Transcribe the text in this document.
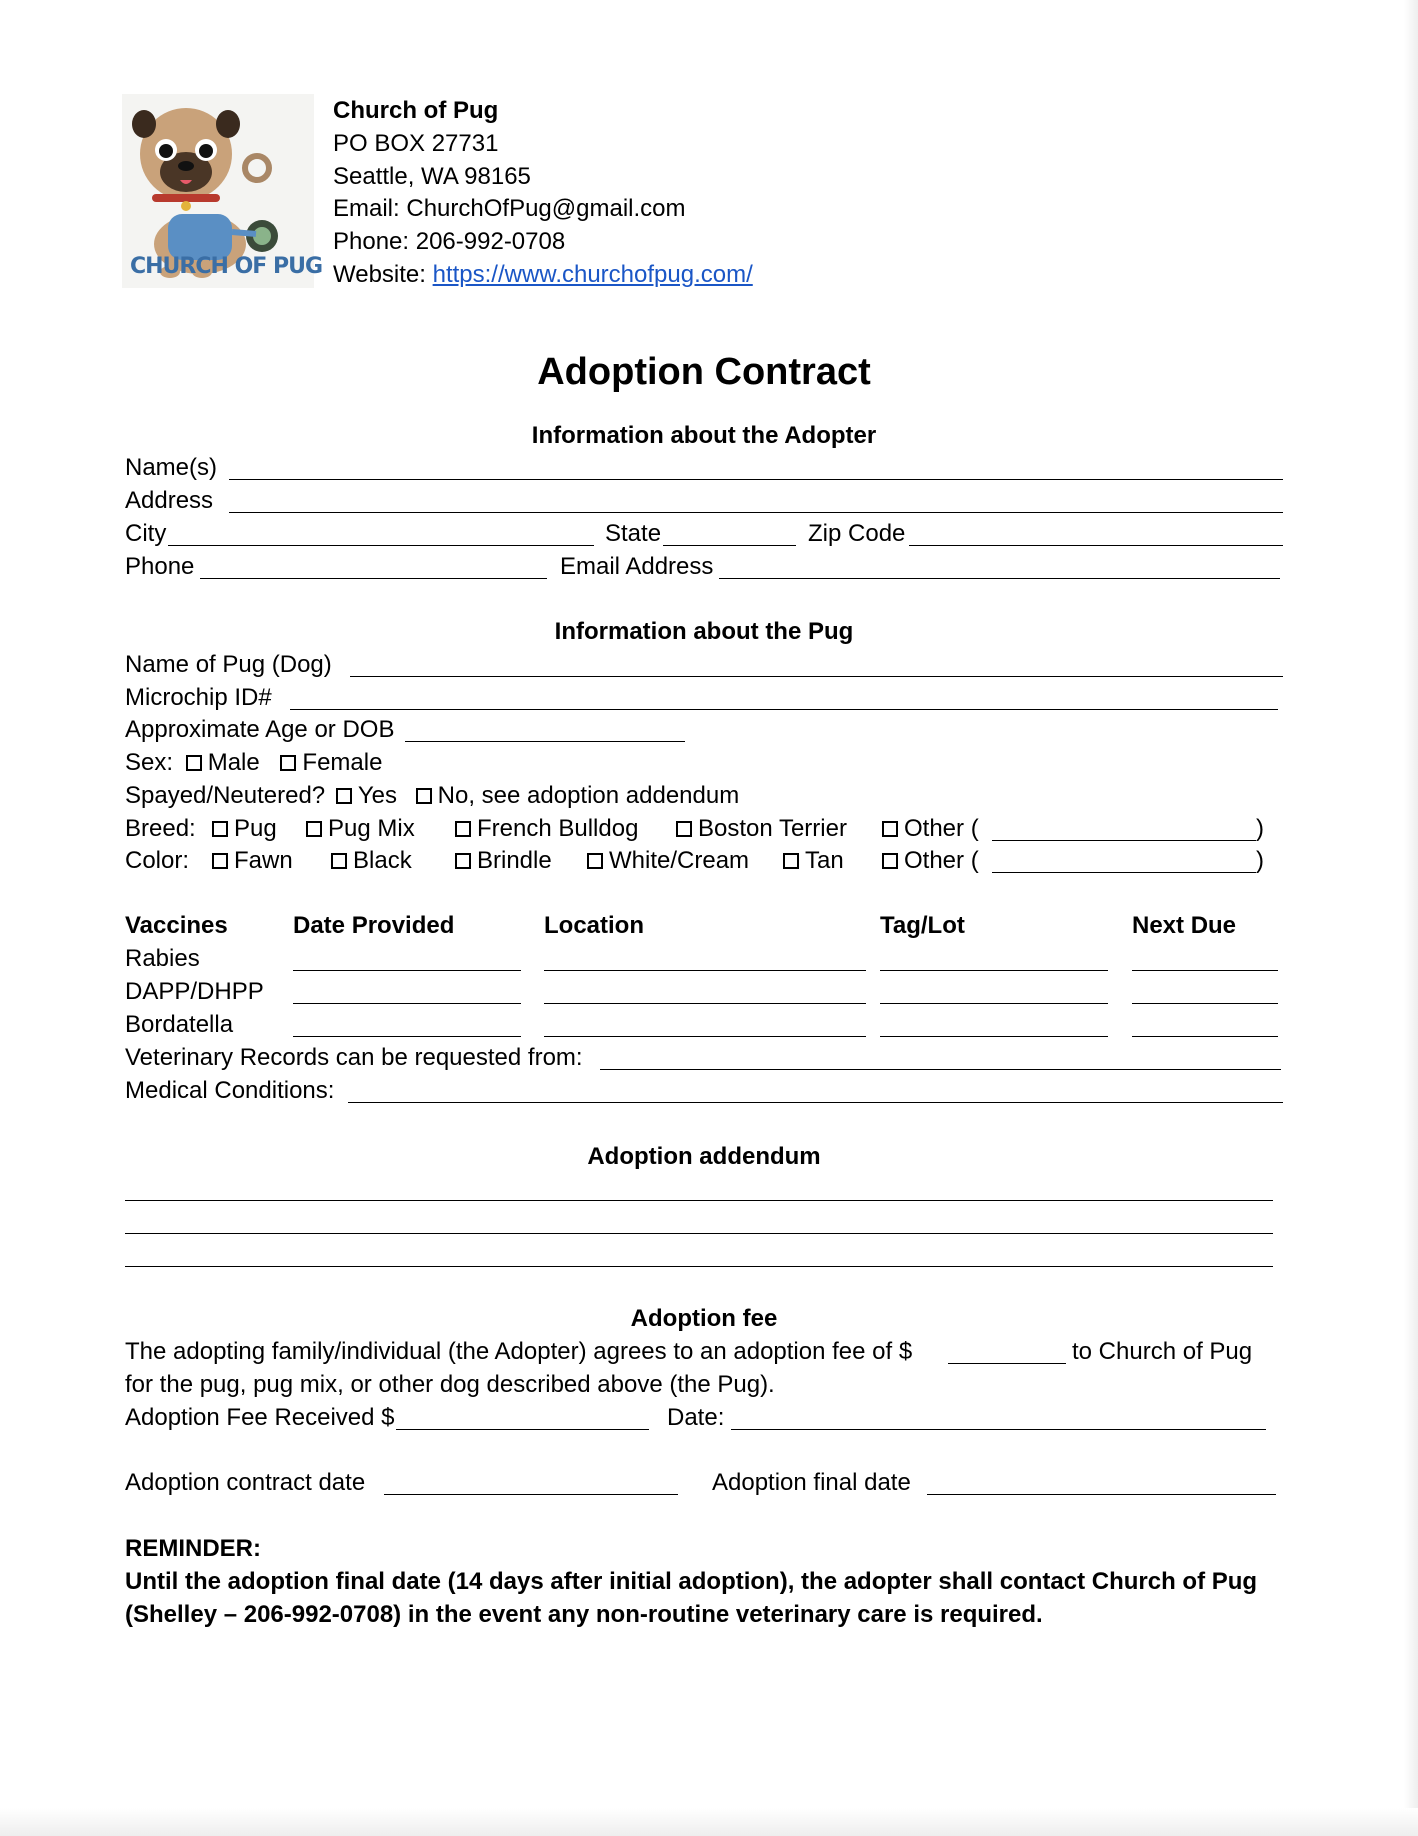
CHURCH OF PUG
Church of Pug
PO BOX 27731
Seattle, WA 98165
Email: ChurchOfPug@gmail.com
Phone: 206-992-0708
Website: https://www.churchofpug.com/
Adoption Contract
Information about the Adopter
Name(s)
Address
City	State	Zip Code
Phone	Email Address
Information about the Pug
Name of Pug (Dog)
Microchip ID#
Approximate Age or DOB
Sex: Male Female
Spayed/Neutered? Yes No, see adoption addendum
Breed:	Pug	Pug Mix	French Bulldog	Boston Terrier	Other (	)
Color:	Fawn	Black	Brindle	White/Cream	Tan	Other (	)
Vaccines	Date Provided	Location	Tag/Lot	Next Due
Rabies
DAPP/DHPP
Bordatella
Veterinary Records can be requested from:
Medical Conditions:
Adoption addendum
Adoption fee
The adopting family/individual (the Adopter) agrees to an adoption fee of $	to Church of Pug
for the pug, pug mix, or other dog described above (the Pug).
Adoption Fee Received $	Date:
Adoption contract date	Adoption final date
REMINDER:
Until the adoption final date (14 days after initial adoption), the adopter shall contact Church of Pug
(Shelley – 206-992-0708) in the event any non-routine veterinary care is required.
